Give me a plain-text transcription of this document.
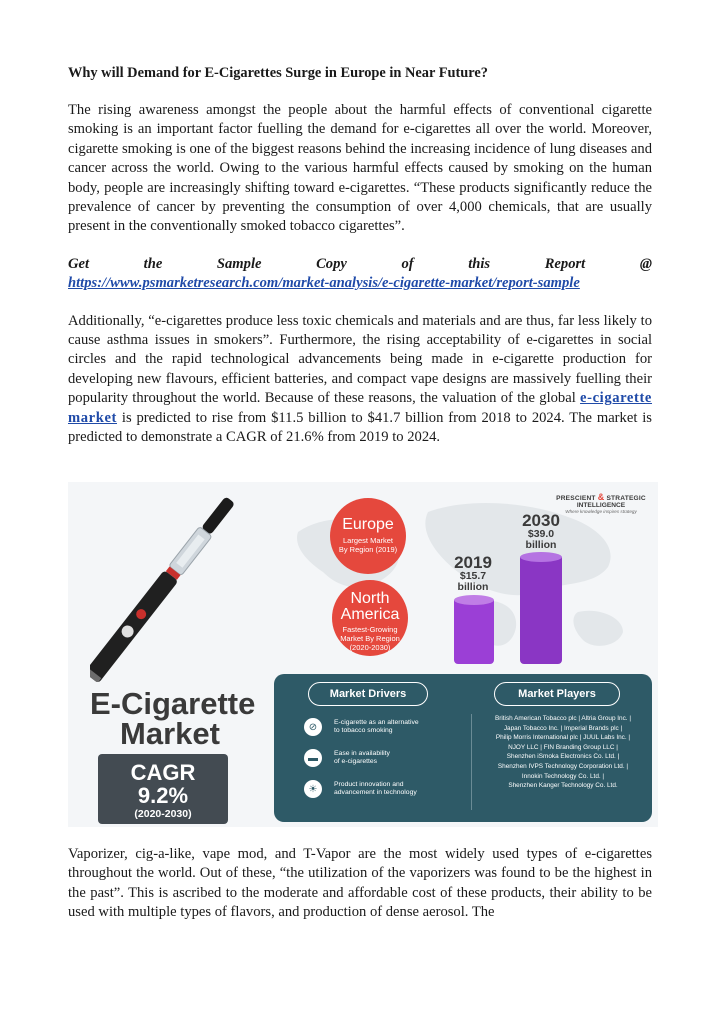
Why will Demand for E-Cigarettes Surge in Europe in Near Future?

The rising awareness amongst the people about the harmful effects of conventional cigarette smoking is an important factor fuelling the demand for e-cigarettes all over the world. Moreover, cigarette smoking is one of the biggest reasons behind the increasing incidence of lung diseases and cancer across the world. Owing to the various harmful effects caused by smoking on the human body, people are increasingly shifting toward e-cigarettes. “These products significantly reduce the prevalence of cancer by preventing the consumption of over 4,000 chemicals, that are usually present in the conventionally smoked tobacco cigarettes”.

Get	the	Sample	Copy	of	this	Report	@
https://www.psmarketresearch.com/market-analysis/e-cigarette-market/report-sample

Additionally, “e-cigarettes produce less toxic chemicals and materials and are thus, far less likely to cause asthma issues in smokers”. Furthermore, the rising acceptability of e-cigarettes in social circles and the rapid technological advancements being made in e-cigarette production for developing new flavours, efficient batteries, and compact vape designs are massively fuelling their popularity throughout the world. Because of these reasons, the valuation of the global e-cigarette market is predicted to rise from $11.5 billion to $41.7 billion from 2018 to 2024. The market is predicted to demonstrate a CAGR of 21.6% from 2019 to 2024.

E-Cigarette
Market
CAGR
9.2%
(2020-2030)
Europe
Largest Market
By Region (2019)
North
America
Fastest-Growing
Market By Region
(2020-2030)
2019
$15.7
billion
2030
$39.0
billion
PRESCIENT & STRATEGIC
INTELLIGENCE
Where knowledge inspires strategy
Market Drivers	Market Players
⊘	E-cigarette as an alternative
to tobacco smoking
▬	Ease in availability
of e-cigarettes
☀	Product innovation and
advancement in technology
British American Tobacco plc | Altria Group Inc. |
Japan Tobacco Inc. | Imperial Brands plc |
Philip Morris International plc | JUUL Labs Inc. |
NJOY LLC | FIN Branding Group LLC |
Shenzhen iSmoka Electronics Co. Ltd. |
Shenzhen IVPS Technology Corporation Ltd. |
Innokin Technology Co. Ltd. |
Shenzhen Kanger Technology Co. Ltd.

Vaporizer, cig-a-like, vape mod, and T-Vapor are the most widely used types of e-cigarettes throughout the world. Out of these, “the utilization of the vaporizers was found to be the highest in the past”. This is ascribed to the moderate and affordable cost of these products, their ability to be used with multiple types of flavors, and production of dense aerosol. The
